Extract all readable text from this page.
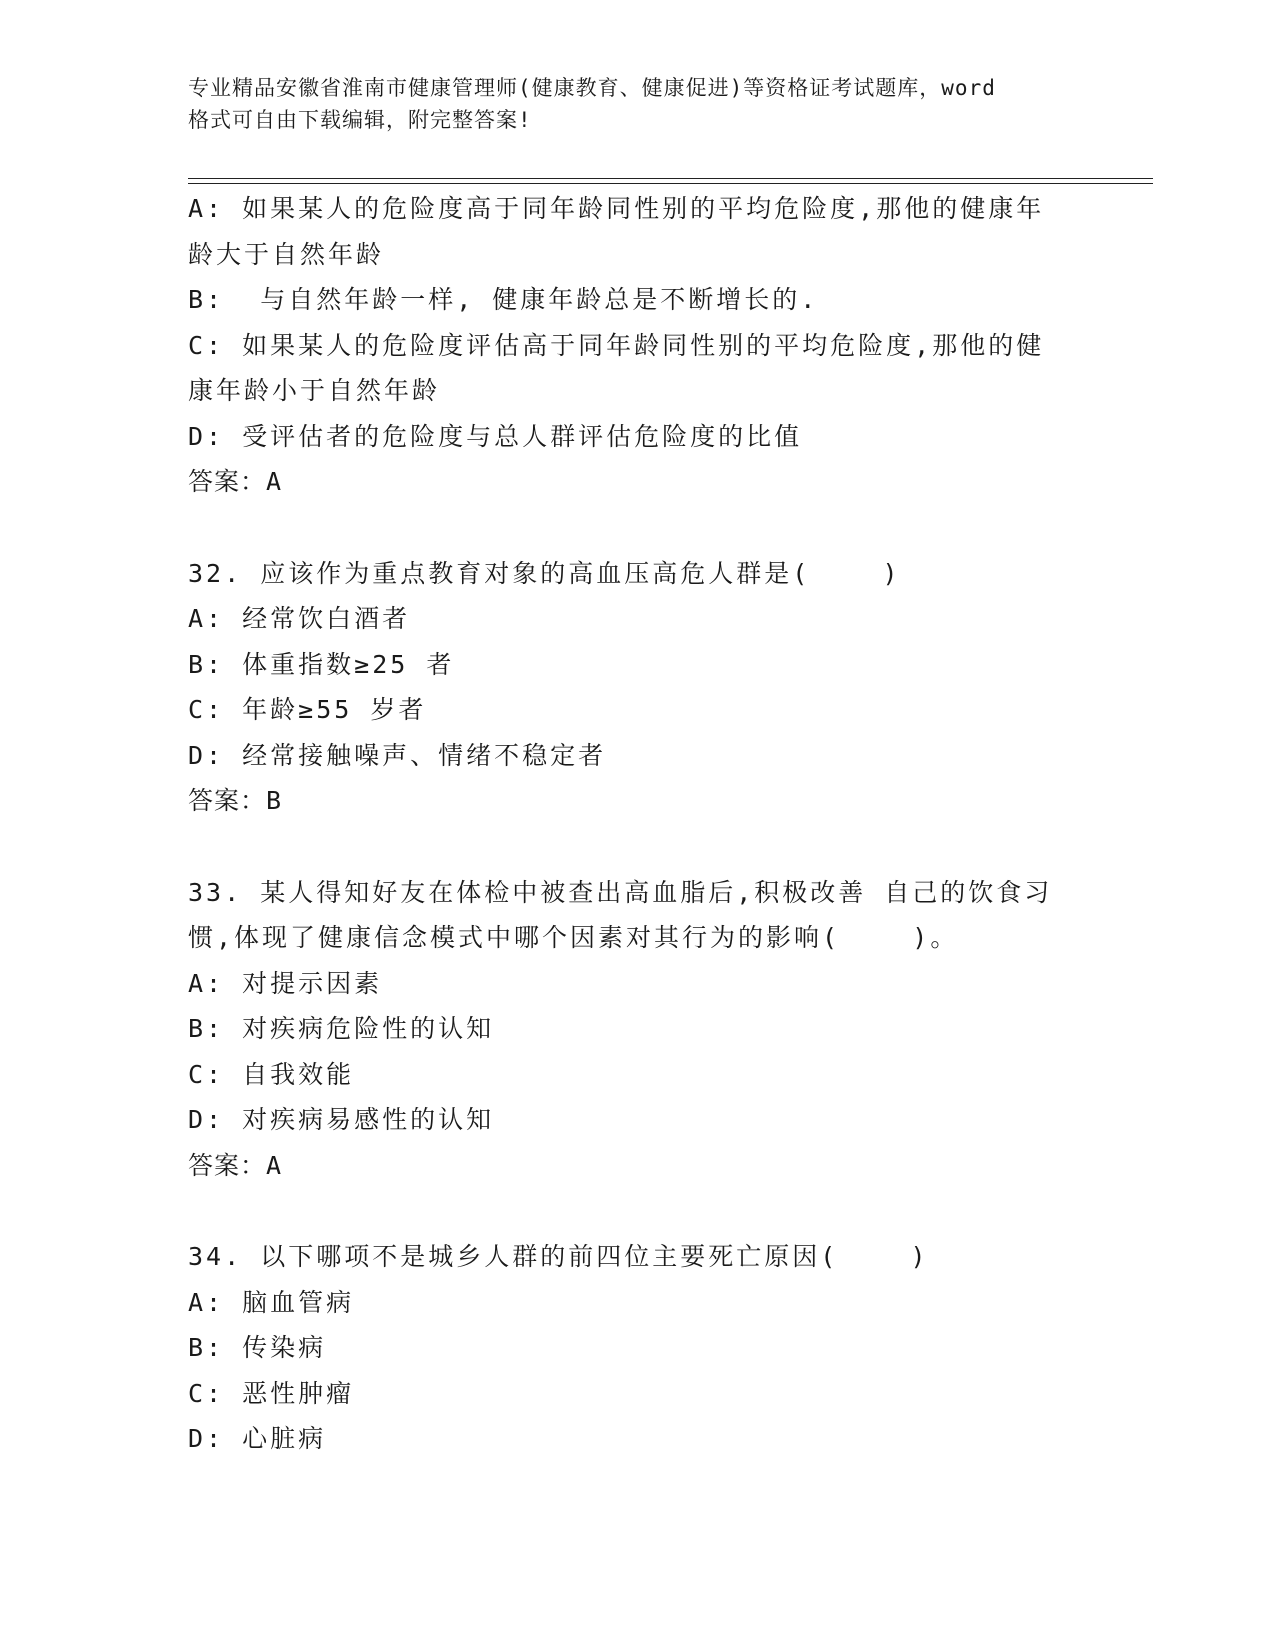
专业精品安徽省淮南市健康管理师(健康教育、健康促进)等资格证考试题库，word
格式可自由下载编辑，附完整答案!
A: 如果某人的危险度高于同年龄同性别的平均危险度,那他的健康年
龄大于自然年龄
B:  与自然年龄一样, 健康年龄总是不断增长的.
C: 如果某人的危险度评估高于同年龄同性别的平均危险度,那他的健
康年龄小于自然年龄
D: 受评估者的危险度与总人群评估危险度的比值
答案：A
32. 应该作为重点教育对象的高血压高危人群是(    )
A: 经常饮白酒者
B: 体重指数≥25 者
C: 年龄≥55 岁者
D: 经常接触噪声、情绪不稳定者
答案：B
33. 某人得知好友在体检中被查出高血脂后,积极改善 自己的饮食习
惯,体现了健康信念模式中哪个因素对其行为的影响(    )。
A: 对提示因素
B: 对疾病危险性的认知
C: 自我效能
D: 对疾病易感性的认知
答案：A
34. 以下哪项不是城乡人群的前四位主要死亡原因(    )
A: 脑血管病
B: 传染病
C: 恶性肿瘤
D: 心脏病
